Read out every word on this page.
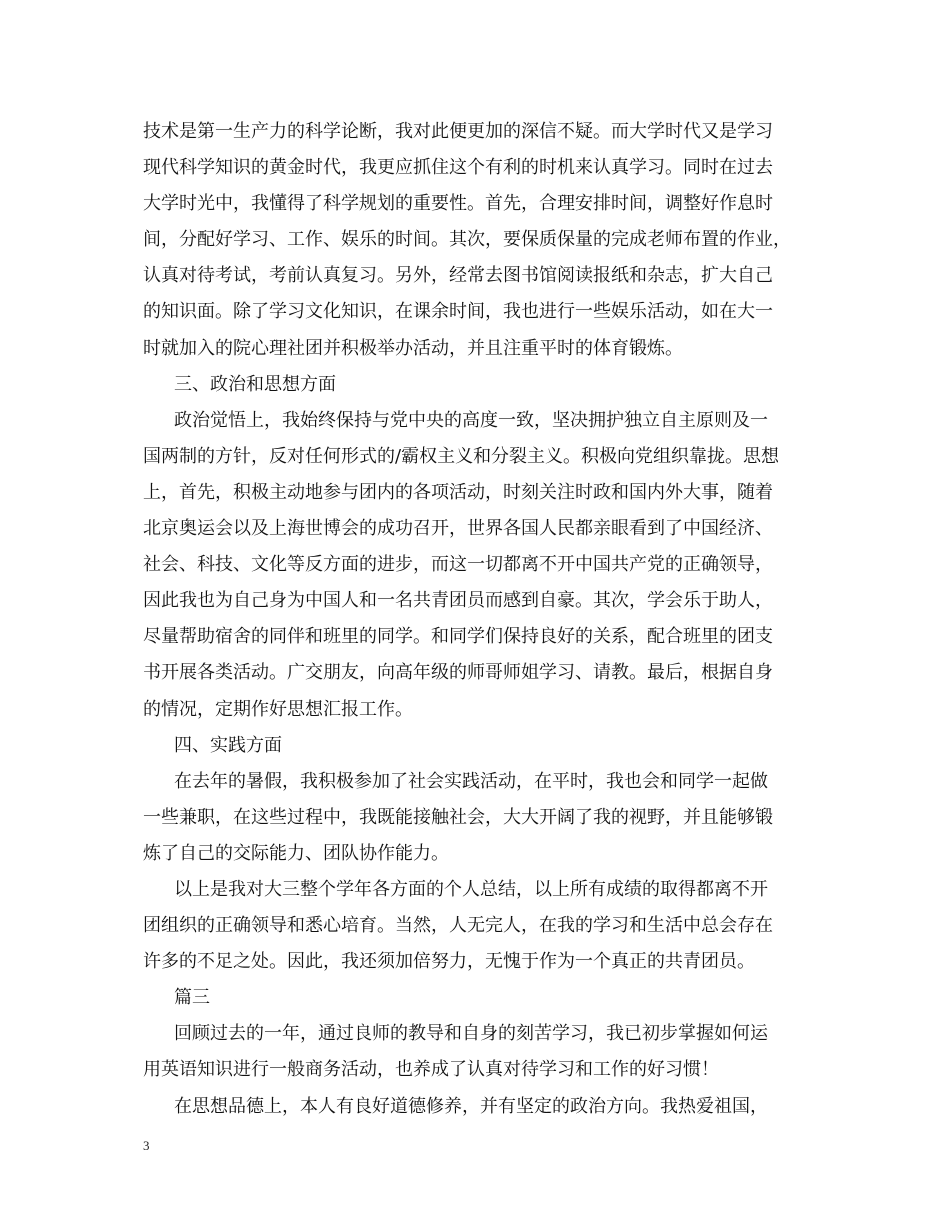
技术是第一生产力的科学论断，我对此便更加的深信不疑。而大学时代又是学习
现代科学知识的黄金时代，我更应抓住这个有利的时机来认真学习。同时在过去
大学时光中，我懂得了科学规划的重要性。首先，合理安排时间，调整好作息时
间，分配好学习、工作、娱乐的时间。其次，要保质保量的完成老师布置的作业，
认真对待考试，考前认真复习。另外，经常去图书馆阅读报纸和杂志，扩大自己
的知识面。除了学习文化知识，在课余时间，我也进行一些娱乐活动，如在大一
时就加入的院心理社团并积极举办活动，并且注重平时的体育锻炼。
三、政治和思想方面
政治觉悟上，我始终保持与党中央的高度一致，坚决拥护独立自主原则及一
国两制的方针，反对任何形式的/霸权主义和分裂主义。积极向党组织靠拢。思想
上，首先，积极主动地参与团内的各项活动，时刻关注时政和国内外大事，随着
北京奥运会以及上海世博会的成功召开，世界各国人民都亲眼看到了中国经济、
社会、科技、文化等反方面的进步，而这一切都离不开中国共产党的正确领导，
因此我也为自己身为中国人和一名共青团员而感到自豪。其次，学会乐于助人，
尽量帮助宿舍的同伴和班里的同学。和同学们保持良好的关系，配合班里的团支
书开展各类活动。广交朋友，向高年级的师哥师姐学习、请教。最后，根据自身
的情况，定期作好思想汇报工作。
四、实践方面
在去年的暑假，我积极参加了社会实践活动，在平时，我也会和同学一起做
一些兼职，在这些过程中，我既能接触社会，大大开阔了我的视野，并且能够锻
炼了自己的交际能力、团队协作能力。
以上是我对大三整个学年各方面的个人总结，以上所有成绩的取得都离不开
团组织的正确领导和悉心培育。当然，人无完人，在我的学习和生活中总会存在
许多的不足之处。因此，我还须加倍努力，无愧于作为一个真正的共青团员。
篇三
回顾过去的一年，通过良师的教导和自身的刻苦学习，我已初步掌握如何运
用英语知识进行一般商务活动，也养成了认真对待学习和工作的好习惯！
在思想品德上，本人有良好道德修养，并有坚定的政治方向。我热爱祖国，
3
